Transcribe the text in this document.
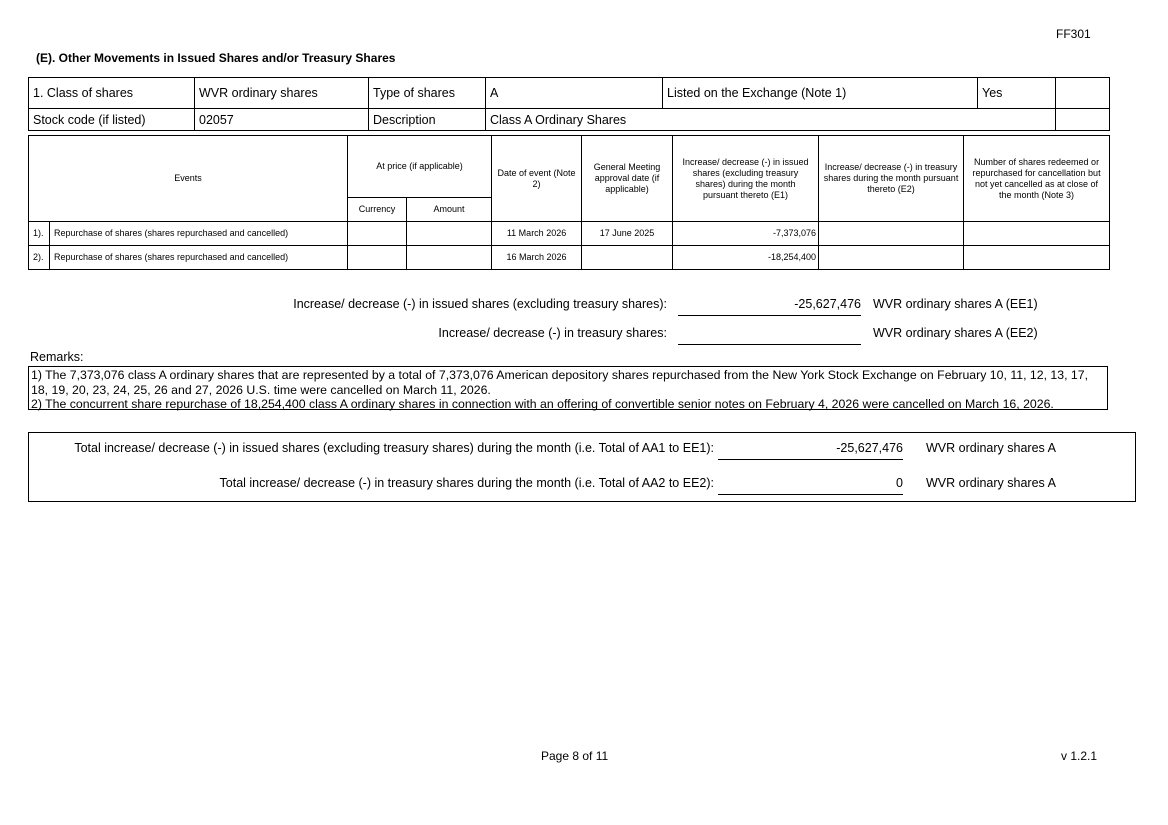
FF301
(E). Other Movements in Issued Shares and/or Treasury Shares
1. Class of shares	WVR ordinary shares	Type of shares	A	Listed on the Exchange (Note 1)	Yes	
Stock code (if listed)	02057	Description	Class A Ordinary Shares			
Events		At price (if applicable)		Date of event (Note 2)	General Meeting approval date (if applicable)	Increase/ decrease (-) in issued shares (excluding treasury shares) during the month pursuant thereto (E1)	Increase/ decrease (-) in treasury shares during the month pursuant thereto (E2)	Number of shares redeemed or repurchased for cancellation but not yet cancelled as at close of the month (Note 3)
		Currency	Amount					
1).	Repurchase of shares (shares repurchased and cancelled)			11 March 2026	17 June 2025	-7,373,076		
2).	Repurchase of shares (shares repurchased and cancelled)			16 March 2026		-18,254,400		
Increase/ decrease (-) in issued shares (excluding treasury shares):	-25,627,476 WVR ordinary shares A (EE1)
Increase/ decrease (-) in treasury shares:	WVR ordinary shares A (EE2)
Remarks:
1) The 7,373,076 class A ordinary shares that are represented by a total of 7,373,076 American depository shares repurchased from the New York Stock Exchange on February 10, 11, 12, 13, 17, 18, 19, 20, 23, 24, 25, 26 and 27, 2026 U.S. time were cancelled on March 11, 2026.
2) The concurrent share repurchase of 18,254,400 class A ordinary shares in connection with an offering of convertible senior notes on February 4, 2026 were cancelled on March 16, 2026.
Total increase/ decrease (-) in issued shares (excluding treasury shares) during the month (i.e. Total of AA1 to EE1):	-25,627,476 WVR ordinary shares A
Total increase/ decrease (-) in treasury shares during the month (i.e. Total of AA2 to EE2):	0 WVR ordinary shares A
Page 8 of 11	v 1.2.1
